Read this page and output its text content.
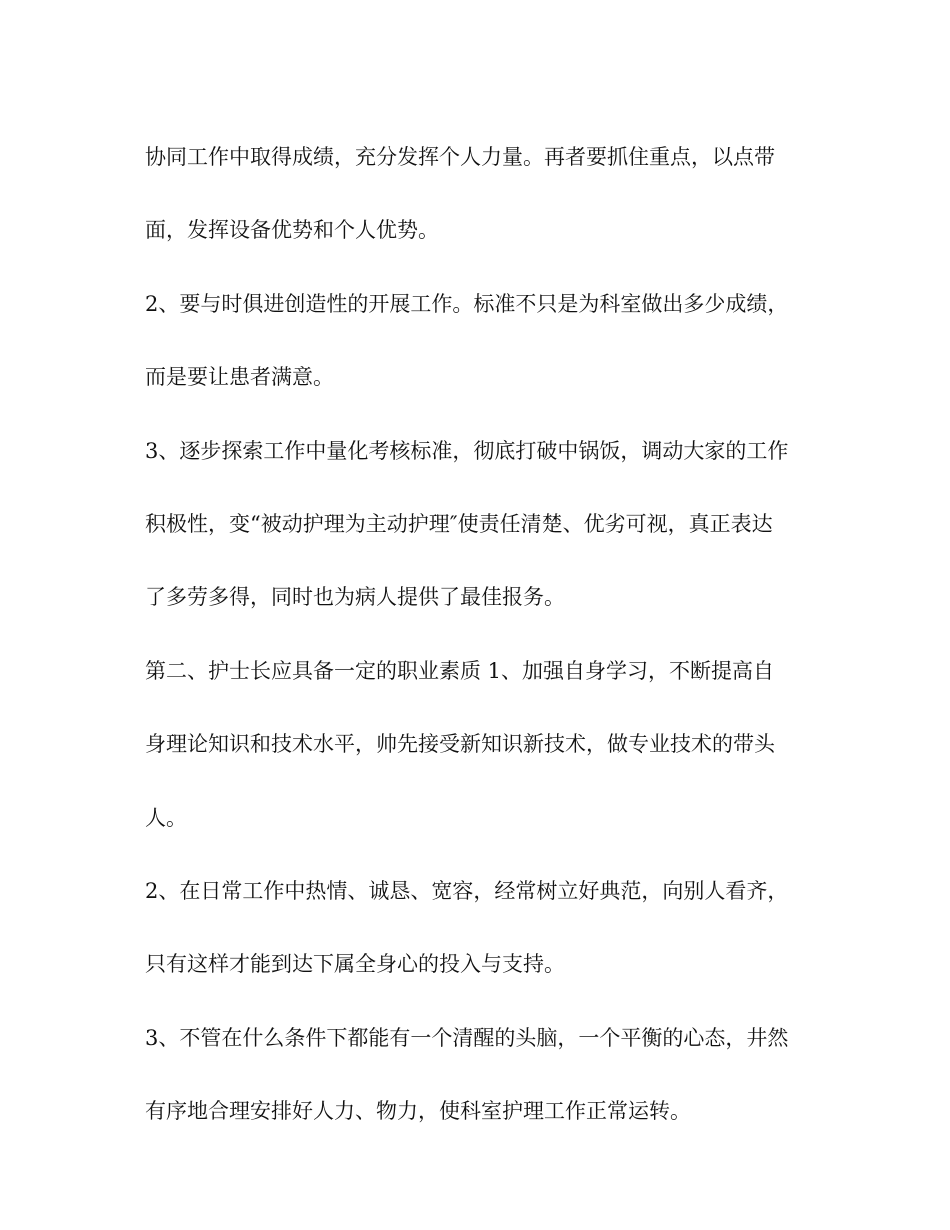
协同工作中取得成绩，充分发挥个人力量。再者要抓住重点，以点带
面，发挥设备优势和个人优势。
2、要与时俱进创造性的开展工作。标准不只是为科室做出多少成绩，
而是要让患者满意。
3、逐步探索工作中量化考核标准，彻底打破中锅饭，调动大家的工作
积极性，变“被动护理为主动护理″使责任清楚、优劣可视，真正表达
了多劳多得，同时也为病人提供了最佳报务。
第二、护士长应具备一定的职业素质 1、加强自身学习，不断提高自
身理论知识和技术水平，帅先接受新知识新技术，做专业技术的带头
人。
2、在日常工作中热情、诚恳、宽容，经常树立好典范，向别人看齐，
只有这样才能到达下属全身心的投入与支持。
3、不管在什么条件下都能有一个清醒的头脑，一个平衡的心态，井然
有序地合理安排好人力、物力，使科室护理工作正常运转。
